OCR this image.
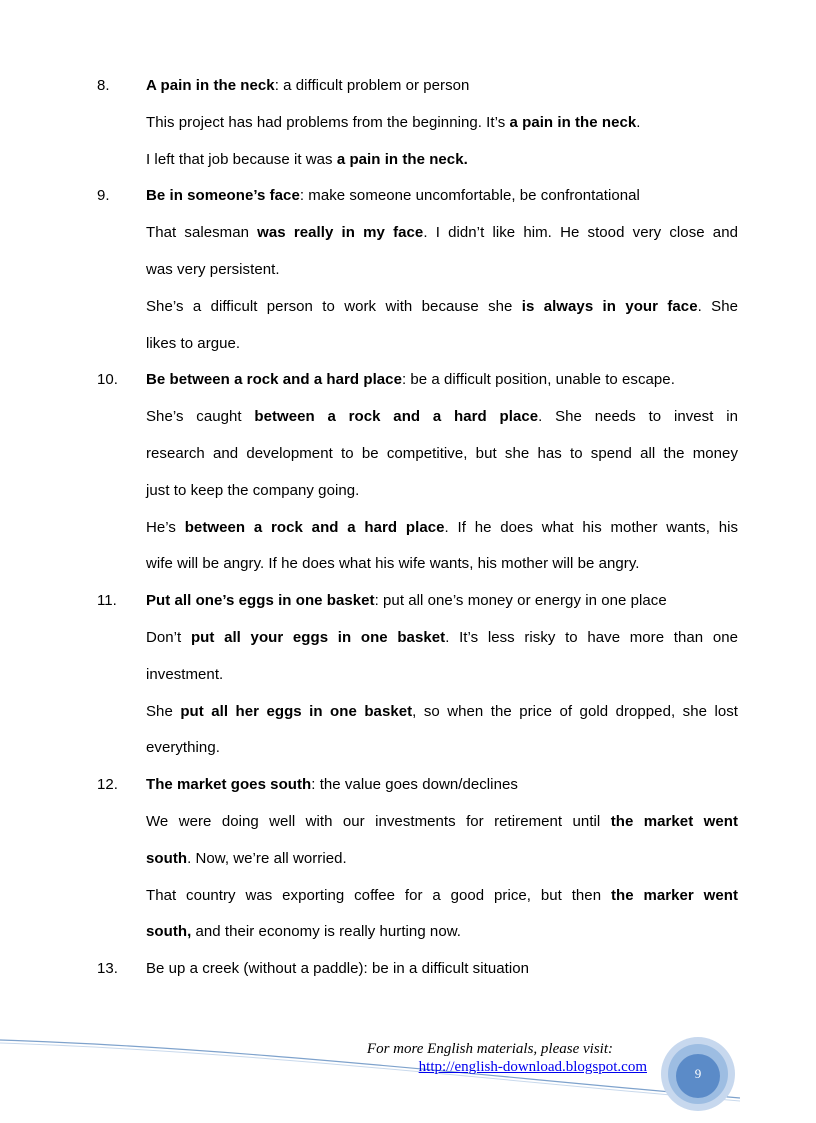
8. A pain in the neck: a difficult problem or person
This project has had problems from the beginning. It’s a pain in the neck.
I left that job because it was a pain in the neck.
9. Be in someone’s face: make someone uncomfortable, be confrontational
That salesman was really in my face. I didn’t like him. He stood very close and
was very persistent.
She’s a difficult person to work with because she is always in your face. She
likes to argue.
10. Be between a rock and a hard place: be a difficult position, unable to escape.
She’s caught between a rock and a hard place. She needs to invest in
research and development to be competitive, but she has to spend all the money
just to keep the company going.
He’s between a rock and a hard place. If he does what his mother wants, his
wife will be angry. If he does what his wife wants, his mother will be angry.
11. Put all one’s eggs in one basket: put all one’s money or energy in one place
Don’t put all your eggs in one basket. It’s less risky to have more than one
investment.
She put all her eggs in one basket, so when the price of gold dropped, she lost
everything.
12. The market goes south: the value goes down/declines
We were doing well with our investments for retirement until the market went
south. Now, we’re all worried.
That country was exporting coffee for a good price, but then the marker went
south, and their economy is really hurting now.
13. Be up a creek (without a paddle): be in a difficult situation
For more English materials, please visit:
http://english-download.blogspot.com	9
